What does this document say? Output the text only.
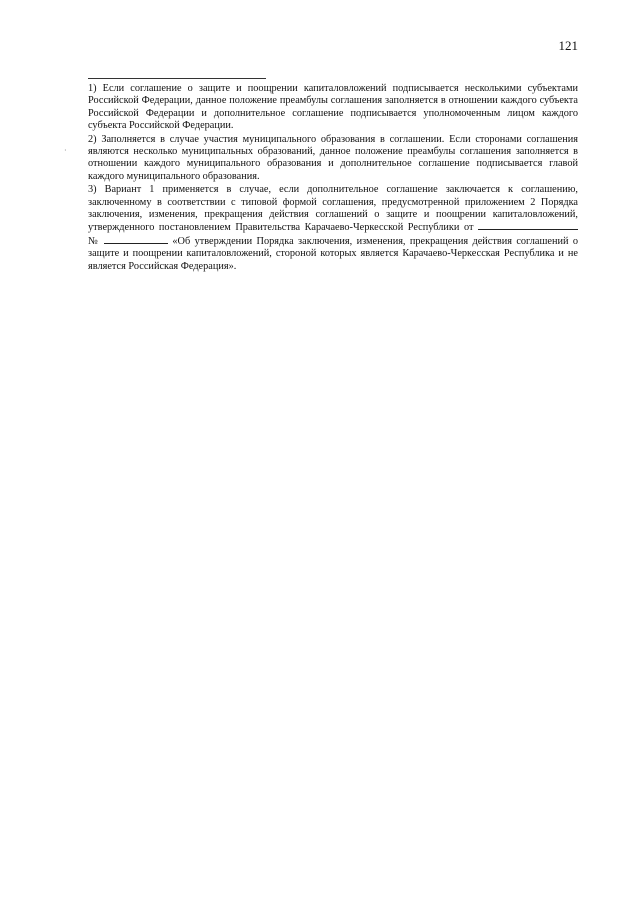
121
·

1) Если соглашение о защите и поощрении капиталовложений подписывается несколькими субъектами Российской Федерации, данное положение преамбулы соглашения заполняется в отношении каждого субъекта Российской Федерации и дополнительное соглашение подписывается уполномоченным лицом каждого субъекта Российской Федерации.

2) Заполняется в случае участия муниципального образования в соглашении. Если сторонами соглашения являются несколько муниципальных образований, данное положение преамбулы соглашения заполняется в отношении каждого муниципального образования и дополнительное соглашение подписывается главой каждого муниципального образования.

3) Вариант 1 применяется в случае, если дополнительное соглашение заключается к соглашению, заключенному в соответствии с типовой формой соглашения, предусмотренной приложением 2 Порядка заключения, изменения, прекращения действия соглашений о защите и поощрении капиталовложений, утвержденного постановлением Правительства Карачаево-Черкесской Республики от  №	«Об утверждении Порядка заключения, изменения, прекращения действия соглашений о защите и поощрении капиталовложений, стороной которых является Карачаево-Черкесская Республика и не является Российская Федерация».
